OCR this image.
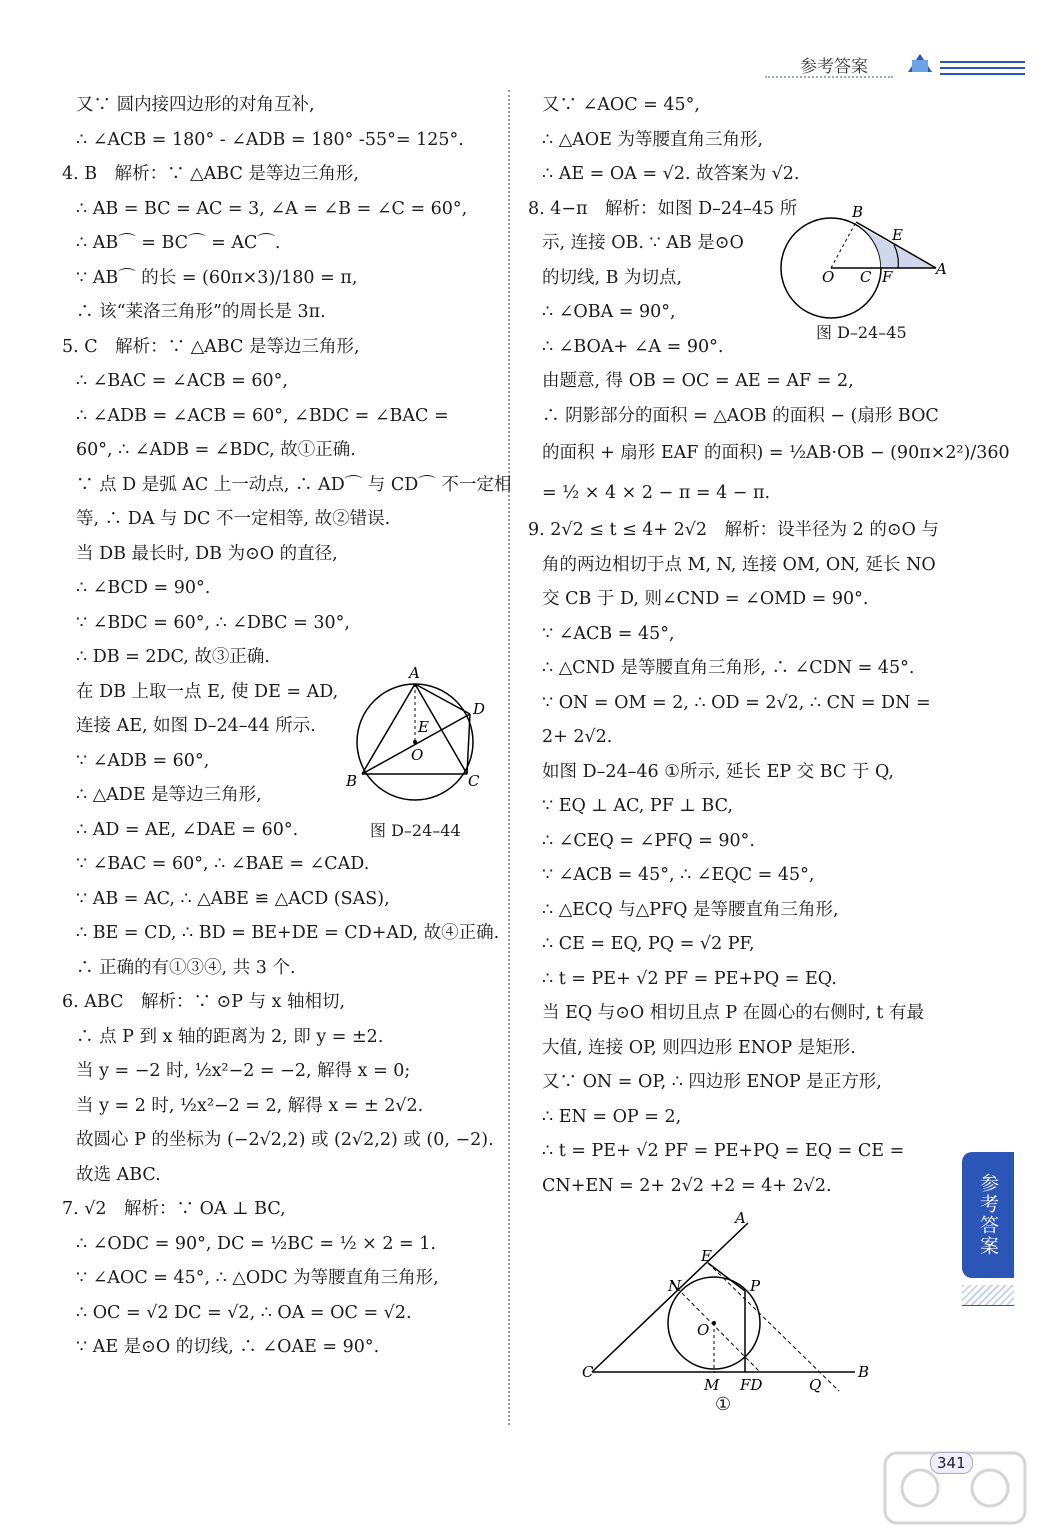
参考答案
又∵ 圆内接四边形的对角互补,
∴ ∠ACB = 180° - ∠ADB = 180° -55°= 125°.
4. B　解析：∵ △ABC 是等边三角形,
∴ AB = BC = AC = 3, ∠A = ∠B = ∠C = 60°,
∴ AB⌒ = BC⌒ = AC⌒.
∵ AB⌒ 的长 = (60π×3)/180 = π,
∴ 该“莱洛三角形”的周长是 3π.
5. C　解析：∵ △ABC 是等边三角形,
∴ ∠BAC = ∠ACB = 60°,
∴ ∠ADB = ∠ACB = 60°, ∠BDC = ∠BAC =
60°, ∴ ∠ADB = ∠BDC, 故①正确.
∵ 点 D 是弧 AC 上一动点, ∴ AD⌒ 与 CD⌒ 不一定相
等, ∴ DA 与 DC 不一定相等, 故②错误.
当 DB 最长时, DB 为⊙O 的直径,
∴ ∠BCD = 90°.
∵ ∠BDC = 60°, ∴ ∠DBC = 30°,
∴ DB = 2DC, 故③正确.
在 DB 上取一点 E, 使 DE = AD,
连接 AE, 如图 D–24–44 所示.
∵ ∠ADB = 60°,
∴ △ADE 是等边三角形,
∴ AD = AE, ∠DAE = 60°.
∵ ∠BAC = 60°, ∴ ∠BAE = ∠CAD.
∵ AB = AC, ∴ △ABE ≌ △ACD (SAS),
∴ BE = CD, ∴ BD = BE+DE = CD+AD, 故④正确.
∴ 正确的有①③④, 共 3 个.
6. ABC　解析：∵ ⊙P 与 x 轴相切,
∴ 点 P 到 x 轴的距离为 2, 即 y = ±2.
当 y = −2 时, ½x²−2 = −2, 解得 x = 0;
当 y = 2 时, ½x²−2 = 2, 解得 x = ± 2√2.
故圆心 P 的坐标为 (−2√2,2) 或 (2√2,2) 或 (0, −2).
故选 ABC.
7. √2　解析：∵ OA ⊥ BC,
∴ ∠ODC = 90°, DC = ½BC = ½ × 2 = 1.
∵ ∠AOC = 45°, ∴ △ODC 为等腰直角三角形,
∴ OC = √2 DC = √2, ∴ OA = OC = √2.
∵ AE 是⊙O 的切线, ∴ ∠OAE = 90°.
又∵ ∠AOC = 45°,
∴ △AOE 为等腰直角三角形,
∴ AE = OA = √2. 故答案为 √2.
8. 4−π　解析：如图 D–24–45 所
示, 连接 OB. ∵ AB 是⊙O
的切线, B 为切点,
∴ ∠OBA = 90°,
∴ ∠BOA+ ∠A = 90°.
由题意, 得 OB = OC = AE = AF = 2,
∴ 阴影部分的面积 = △AOB 的面积 − (扇形 BOC
的面积 + 扇形 EAF 的面积) = ½AB·OB − (90π×2²)/360
= ½ × 4 × 2 − π = 4 − π.
9. 2√2 ≤ t ≤ 4+ 2√2　解析：设半径为 2 的⊙O 与
角的两边相切于点 M, N, 连接 OM, ON, 延长 NO
交 CB 于 D, 则∠CND = ∠OMD = 90°.
∵ ∠ACB = 45°,
∴ △CND 是等腰直角三角形, ∴ ∠CDN = 45°.
∵ ON = OM = 2, ∴ OD = 2√2, ∴ CN = DN =
2+ 2√2.
如图 D–24–46 ①所示, 延长 EP 交 BC 于 Q,
∵ EQ ⊥ AC, PF ⊥ BC,
∴ ∠CEQ = ∠PFQ = 90°.
∵ ∠ACB = 45°, ∴ ∠EQC = 45°,
∴ △ECQ 与△PFQ 是等腰直角三角形,
∴ CE = EQ, PQ = √2 PF,
∴ t = PE+ √2 PF = PE+PQ = EQ.
当 EQ 与⊙O 相切且点 P 在圆心的右侧时, t 有最
大值, 连接 OP, 则四边形 ENOP 是矩形.
又∵ ON = OP, ∴ 四边形 ENOP 是正方形,
∴ EN = OP = 2,
∴ t = PE+ √2 PF = PE+PQ = EQ = CE =
CN+EN = 2+ 2√2 +2 = 4+ 2√2.
A
B	C
D
E
O
图 D–24–44
B
E
O C F	A
图 D–24–45
A
E
N	P
O
C
M FD	Q
B
①
参考答案
341
